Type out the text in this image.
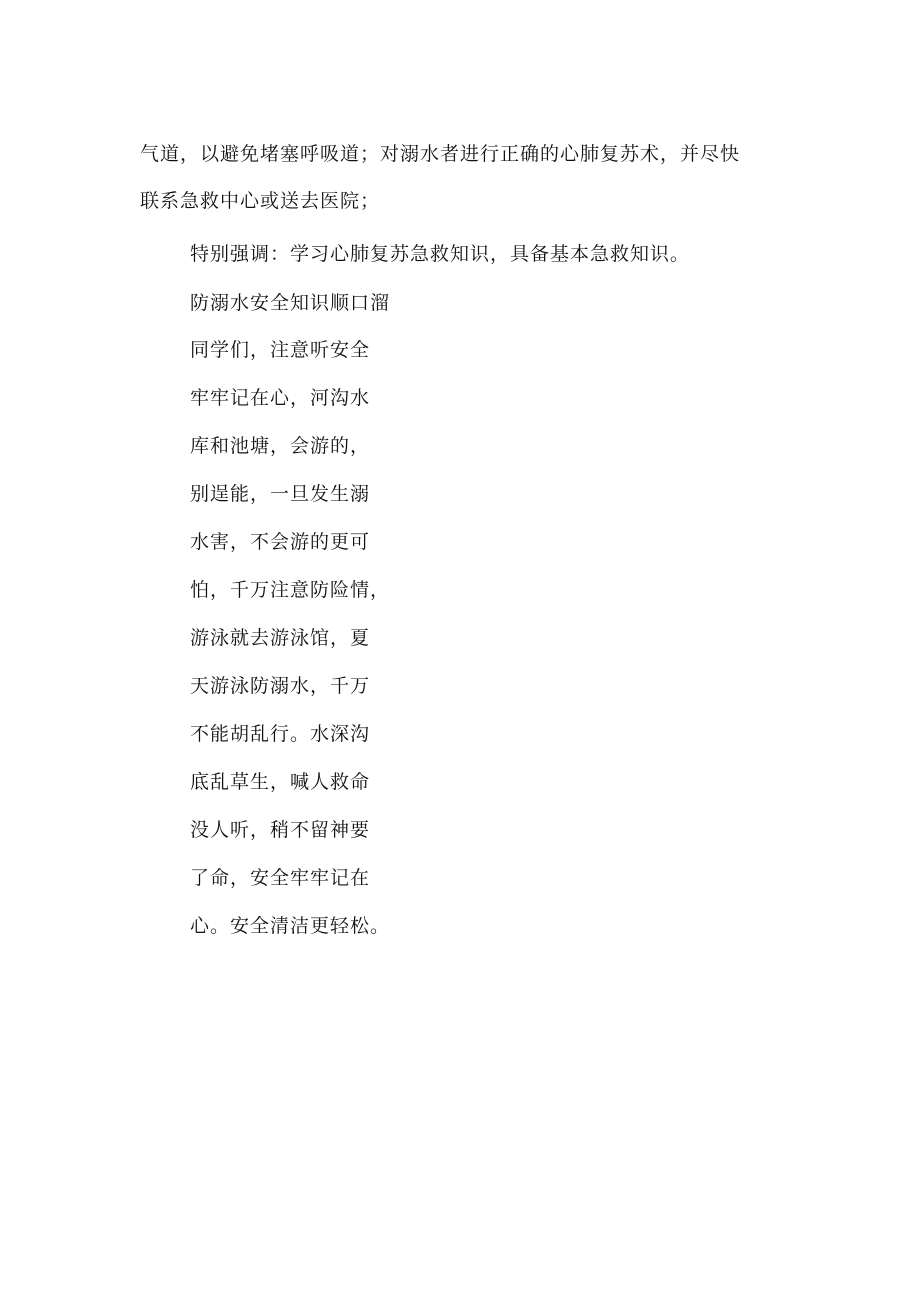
气道，以避免堵塞呼吸道；对溺水者进行正确的心肺复苏术，并尽快
联系急救中心或送去医院；
特别强调：学习心肺复苏急救知识，具备基本急救知识。
防溺水安全知识顺口溜
同学们，注意听安全
牢牢记在心，河沟水
库和池塘，会游的，
别逞能，一旦发生溺
水害，不会游的更可
怕，千万注意防险情，
游泳就去游泳馆，夏
天游泳防溺水，千万
不能胡乱行。水深沟
底乱草生，喊人救命
没人听，稍不留神要
了命，安全牢牢记在
心。安全清洁更轻松。
